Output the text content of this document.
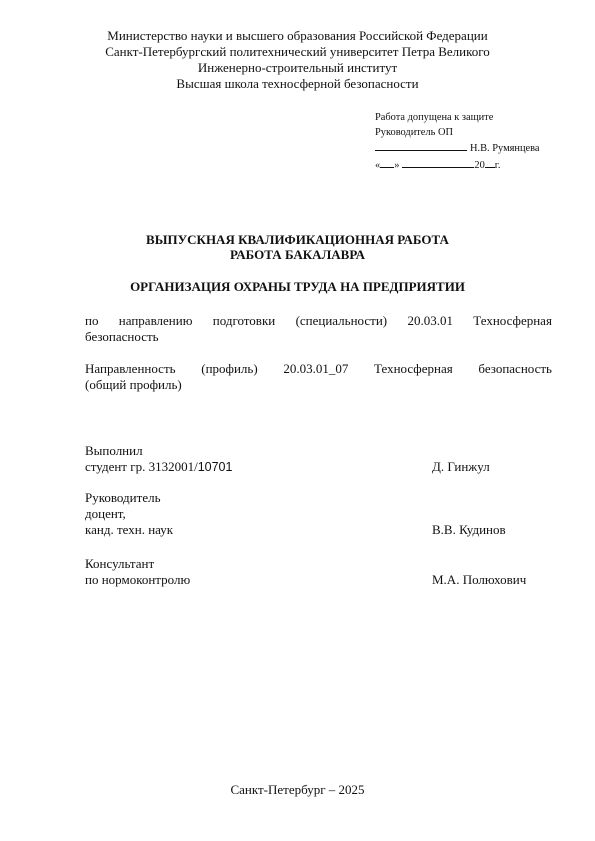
Министерство науки и высшего образования Российской Федерации
Санкт-Петербургский политехнический университет Петра Великого
Инженерно-строительный институт
Высшая школа техносферной безопасности
Работа допущена к защите
Руководитель ОП
Н.В. Румянцева
« »	20 г.
ВЫПУСКНАЯ КВАЛИФИКАЦИОННАЯ РАБОТА
РАБОТА БАКАЛАВРА
ОРГАНИЗАЦИЯ ОХРАНЫ ТРУДА НА ПРЕДПРИЯТИИ
по направлению подготовки (специальности) 20.03.01 Техносферная
безопасность
Направленность (профиль) 20.03.01_07 Техносферная безопасность
(общий профиль)
Выполнил
студент гр. 3132001/10701	Д. Гинжул
Руководитель
доцент,
канд. техн. наук	В.В. Кудинов
Консультант
по нормоконтролю	М.А. Полюхович
Санкт-Петербург – 2025
